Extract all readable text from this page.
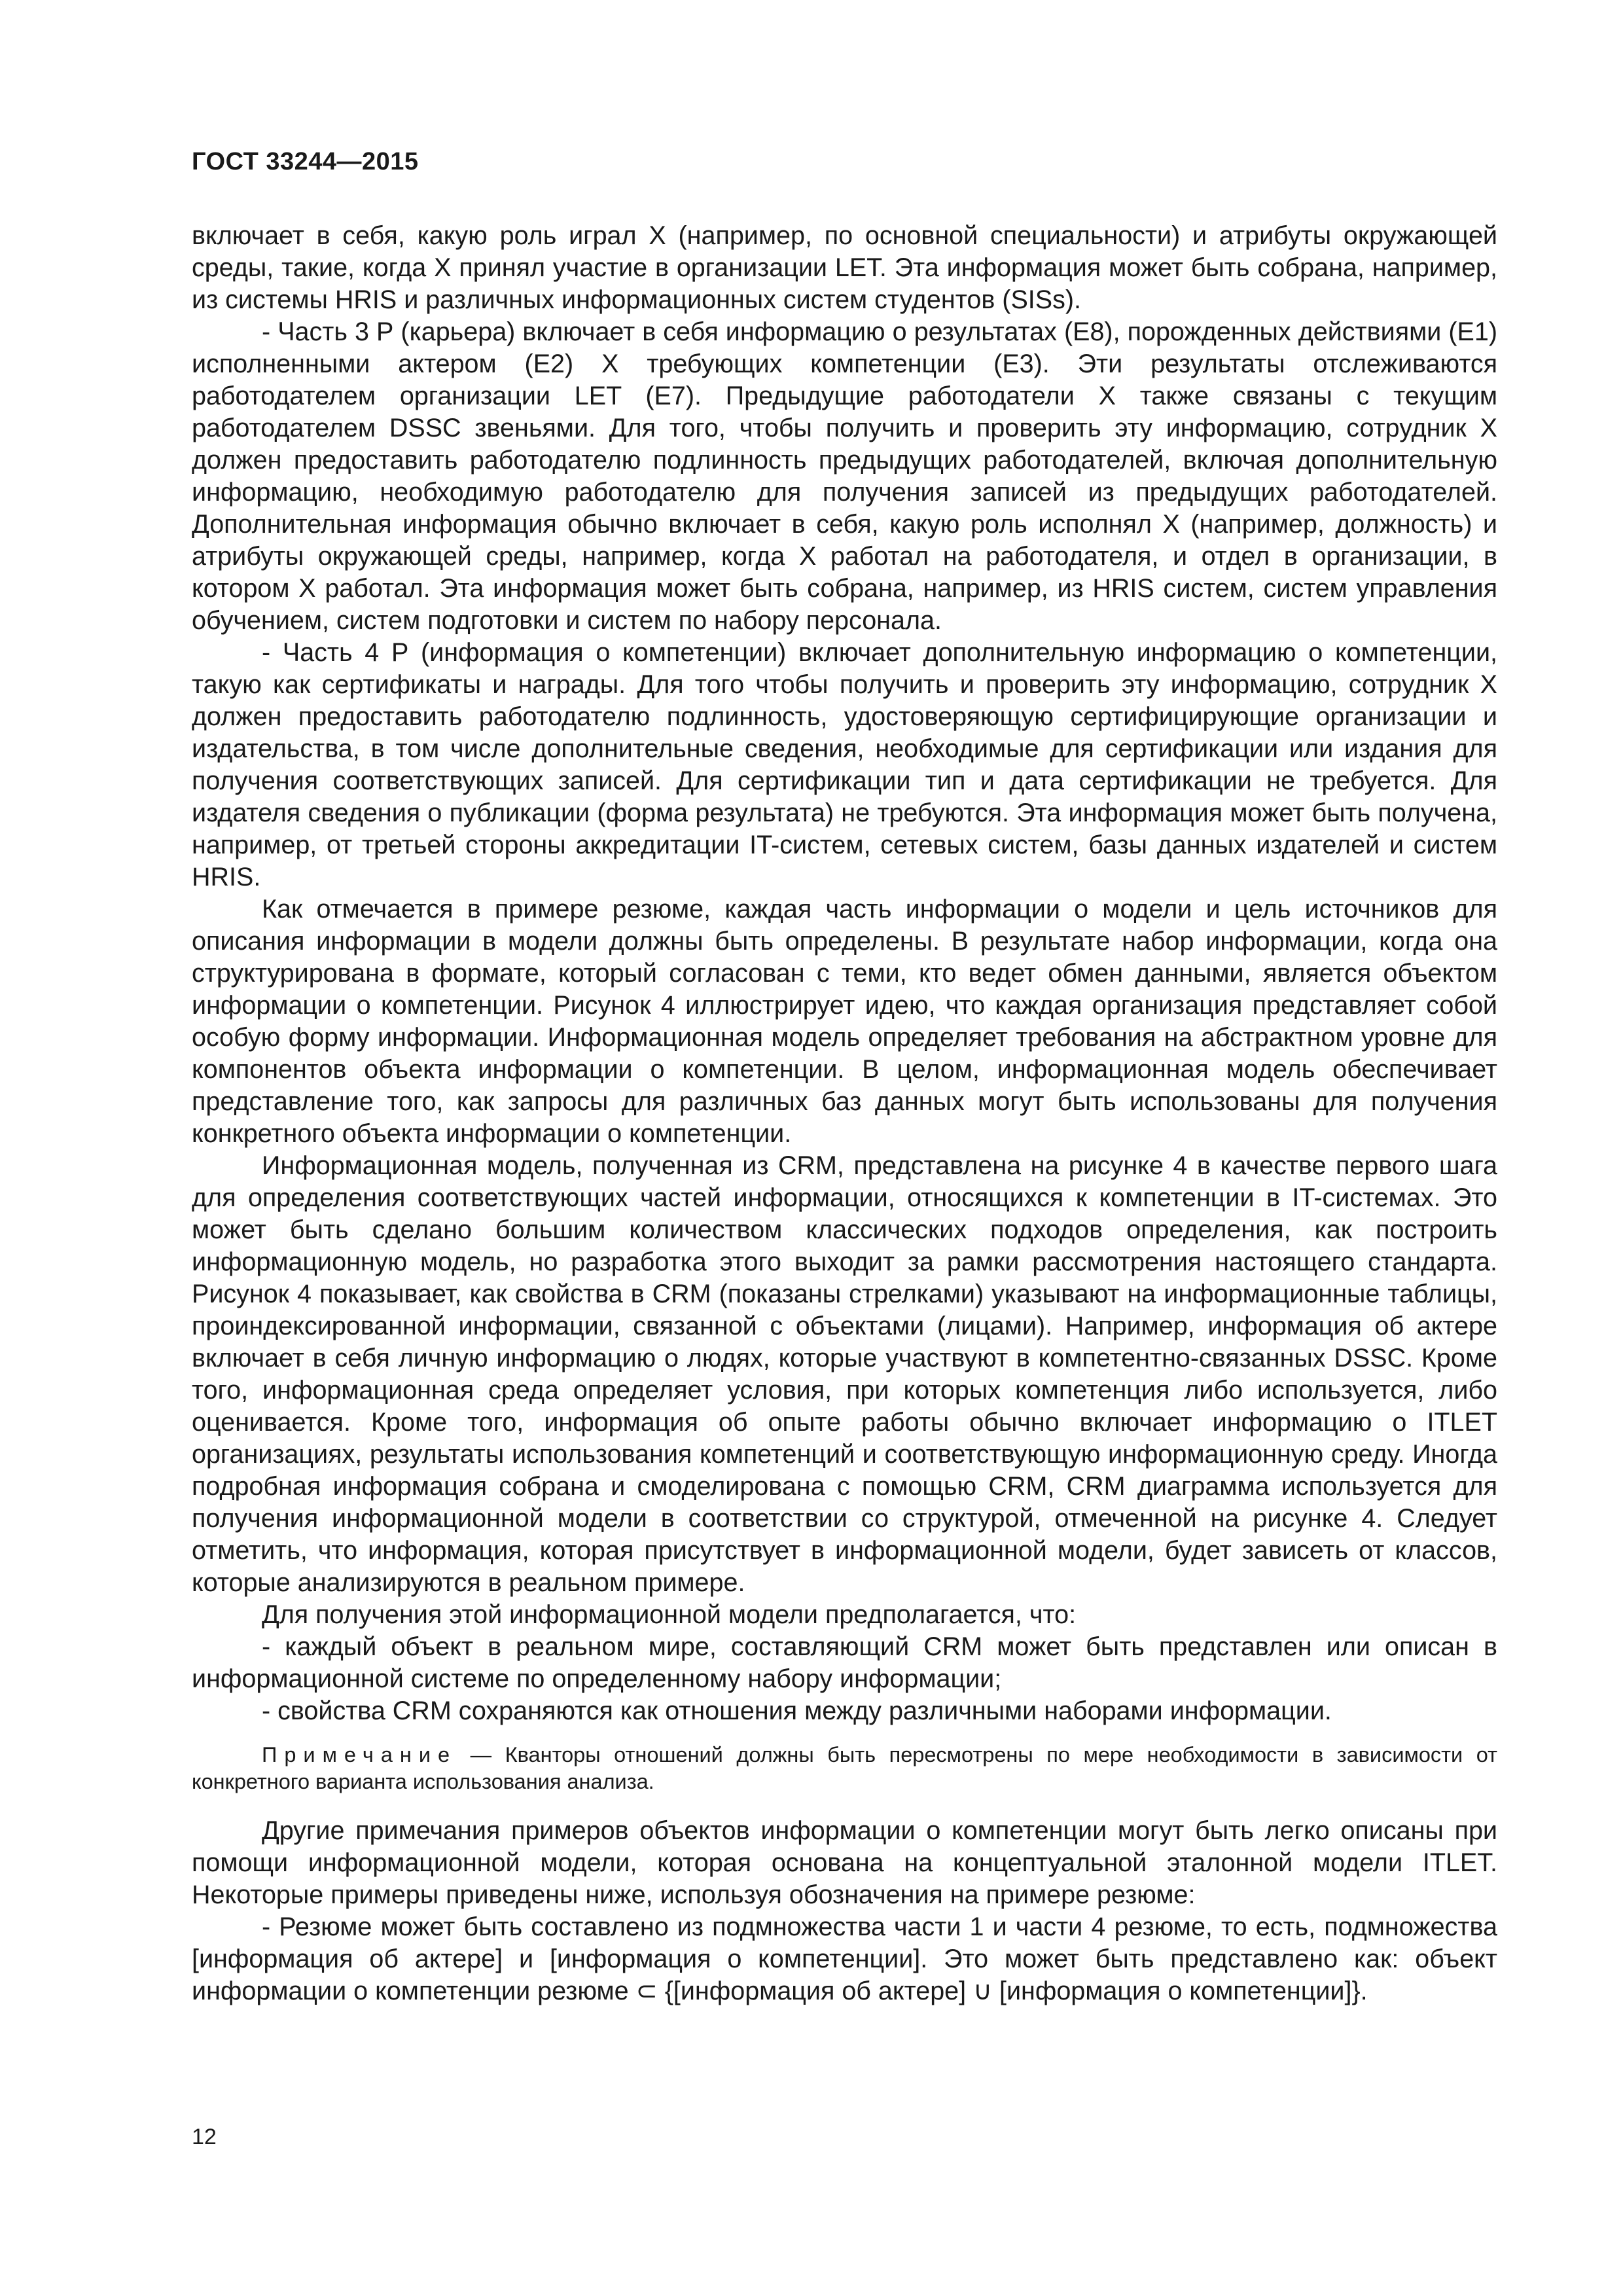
ГОСТ 33244—2015

включает в себя, какую роль играл X (например, по основной специальности) и атрибуты окружающей среды, такие, когда X принял участие в организации LET. Эта информация может быть собрана, например, из системы HRIS и различных информационных систем студентов (SISs).

- Часть 3 Р (карьера) включает в себя информацию о результатах (Е8), порожденных действиями (Е1) исполненными актером (Е2) X требующих компетенции (Е3). Эти результаты отслеживаются работодателем организации LET (Е7). Предыдущие работодатели X также связаны с текущим работодателем DSSC звеньями. Для того, чтобы получить и проверить эту информацию, сотрудник X должен предоставить работодателю подлинность предыдущих работодателей, включая дополнительную информацию, необходимую работодателю для получения записей из предыдущих работодателей. Дополнительная информация обычно включает в себя, какую роль исполнял X (например, должность) и атрибуты окружающей среды, например, когда X работал на работодателя, и отдел в организации, в котором X работал. Эта информация может быть собрана, например, из HRIS систем, систем управления обучением, систем подготовки и систем по набору персонала.

- Часть 4 Р (информация о компетенции) включает дополнительную информацию о компетенции, такую как сертификаты и награды. Для того чтобы получить и проверить эту информацию, сотрудник X должен предоставить работодателю подлинность, удостоверяющую сертифицирующие организации и издательства, в том числе дополнительные сведения, необходимые для сертификации или издания для получения соответствующих записей. Для сертификации тип и дата сертификации не требуется. Для издателя сведения о публикации (форма результата) не требуются. Эта информация может быть получена, например, от третьей стороны аккредитации IT-систем, сетевых систем, базы данных издателей и систем HRIS.

Как отмечается в примере резюме, каждая часть информации о модели и цель источников для описания информации в модели должны быть определены. В результате набор информации, когда она структурирована в формате, который согласован с теми, кто ведет обмен данными, является объектом информации о компетенции. Рисунок 4 иллюстрирует идею, что каждая организация представляет собой особую форму информации. Информационная модель определяет требования на абстрактном уровне для компонентов объекта информации о компетенции. В целом, информационная модель обеспечивает представление того, как запросы для различных баз данных могут быть использованы для получения конкретного объекта информации о компетенции.

Информационная модель, полученная из CRM, представлена на рисунке 4 в качестве первого шага для определения соответствующих частей информации, относящихся к компетенции в IT-системах. Это может быть сделано большим количеством классических подходов определения, как построить информационную модель, но разработка этого выходит за рамки рассмотрения настоящего стандарта. Рисунок 4 показывает, как свойства в CRM (показаны стрелками) указывают на информационные таблицы, проиндексированной информации, связанной с объектами (лицами). Например, информация об актере включает в себя личную информацию о людях, которые участвуют в компетентно-связанных DSSC. Кроме того, информационная среда определяет условия, при которых компетенция либо используется, либо оценивается. Кроме того, информация об опыте работы обычно включает информацию о ITLET организациях, результаты использования компетенций и соответствующую информационную среду. Иногда подробная информация собрана и смоделирована с помощью CRM, CRM диаграмма используется для получения информационной модели в соответствии со структурой, отмеченной на рисунке 4. Следует отметить, что информация, которая присутствует в информационной модели, будет зависеть от классов, которые анализируются в реальном примере.

Для получения этой информационной модели предполагается, что:

- каждый объект в реальном мире, составляющий CRM может быть представлен или описан в информационной системе по определенному набору информации;

- свойства CRM сохраняются как отношения между различными наборами информации.

Примечание — Кванторы отношений должны быть пересмотрены по мере необходимости в зависимости от конкретного варианта использования анализа.

Другие примечания примеров объектов информации о компетенции могут быть легко описаны при помощи информационной модели, которая основана на концептуальной эталонной модели ITLET. Некоторые примеры приведены ниже, используя обозначения на примере резюме:

- Резюме может быть составлено из подмножества части 1 и части 4 резюме, то есть, подмножества [информация об актере] и [информация о компетенции]. Это может быть представлено как: объект информации о компетенции резюме ⊂ {[информация об актере] ∪ [информация о компетенции]}.

12
